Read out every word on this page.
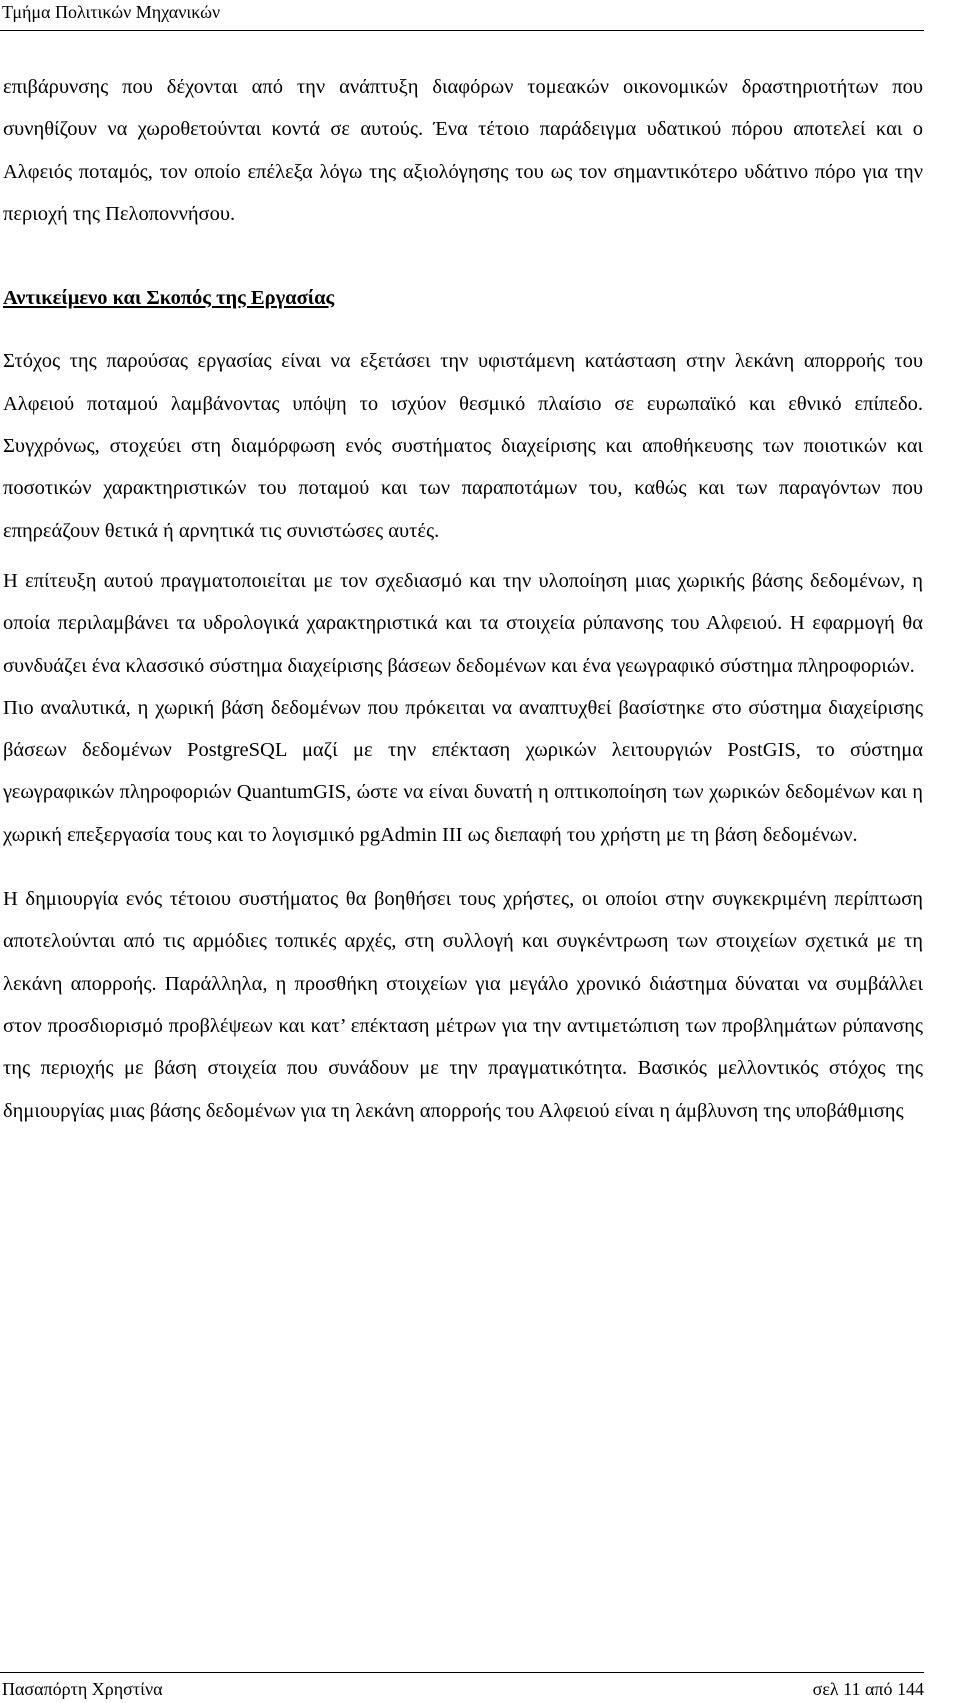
Τμήμα Πολιτικών Μηχανικών

επιβάρυνσης που δέχονται από την ανάπτυξη διαφόρων τομεακών οικονομικών δραστηριοτήτων που συνηθίζουν να χωροθετούνται κοντά σε αυτούς. Ένα τέτοιο παράδειγμα υδατικού πόρου αποτελεί και ο Αλφειός ποταμός, τον οποίο επέλεξα λόγω της αξιολόγησης του ως τον σημαντικότερο υδάτινο πόρο για την περιοχή της Πελοποννήσου.

Αντικείμενο και Σκοπός της Εργασίας

Στόχος της παρούσας εργασίας είναι να εξετάσει την υφιστάμενη κατάσταση στην λεκάνη απορροής του Αλφειού ποταμού λαμβάνοντας υπόψη το ισχύον θεσμικό πλαίσιο σε ευρωπαϊκό και εθνικό επίπεδο. Συγχρόνως, στοχεύει στη διαμόρφωση ενός συστήματος διαχείρισης και αποθήκευσης των ποιοτικών και ποσοτικών χαρακτηριστικών του ποταμού και των παραποτάμων του, καθώς και των παραγόντων που επηρεάζουν θετικά ή αρνητικά τις συνιστώσες αυτές.

Η επίτευξη αυτού πραγματοποιείται με τον σχεδιασμό και την υλοποίηση μιας χωρικής βάσης δεδομένων, η οποία περιλαμβάνει τα υδρολογικά χαρακτηριστικά και τα στοιχεία ρύπανσης του Αλφειού. Η εφαρμογή θα συνδυάζει ένα κλασσικό σύστημα διαχείρισης βάσεων δεδομένων και ένα γεωγραφικό σύστημα πληροφοριών.

Πιο αναλυτικά, η χωρική βάση δεδομένων που πρόκειται να αναπτυχθεί βασίστηκε στο σύστημα διαχείρισης βάσεων δεδομένων PostgreSQL μαζί με την επέκταση χωρικών λειτουργιών PostGIS, το σύστημα γεωγραφικών πληροφοριών QuantumGIS, ώστε να είναι δυνατή η οπτικοποίηση των χωρικών δεδομένων και η χωρική επεξεργασία τους και το λογισμικό pgAdmin III ως διεπαφή του χρήστη με τη βάση δεδομένων.

Η δημιουργία ενός τέτοιου συστήματος θα βοηθήσει τους χρήστες, οι οποίοι στην συγκεκριμένη περίπτωση αποτελούνται από τις αρμόδιες τοπικές αρχές, στη συλλογή και συγκέντρωση των στοιχείων σχετικά με τη λεκάνη απορροής. Παράλληλα, η προσθήκη στοιχείων για μεγάλο χρονικό διάστημα δύναται να συμβάλλει στον προσδιορισμό προβλέψεων και κατ’ επέκταση μέτρων για την αντιμετώπιση των προβλημάτων ρύπανσης της περιοχής με βάση στοιχεία που συνάδουν με την πραγματικότητα. Βασικός μελλοντικός στόχος της δημιουργίας μιας βάσης δεδομένων για τη λεκάνη απορροής του Αλφειού είναι η άμβλυνση της υποβάθμισης

Πασαπόρτη Χρηστίνα	σελ 11 από 144
